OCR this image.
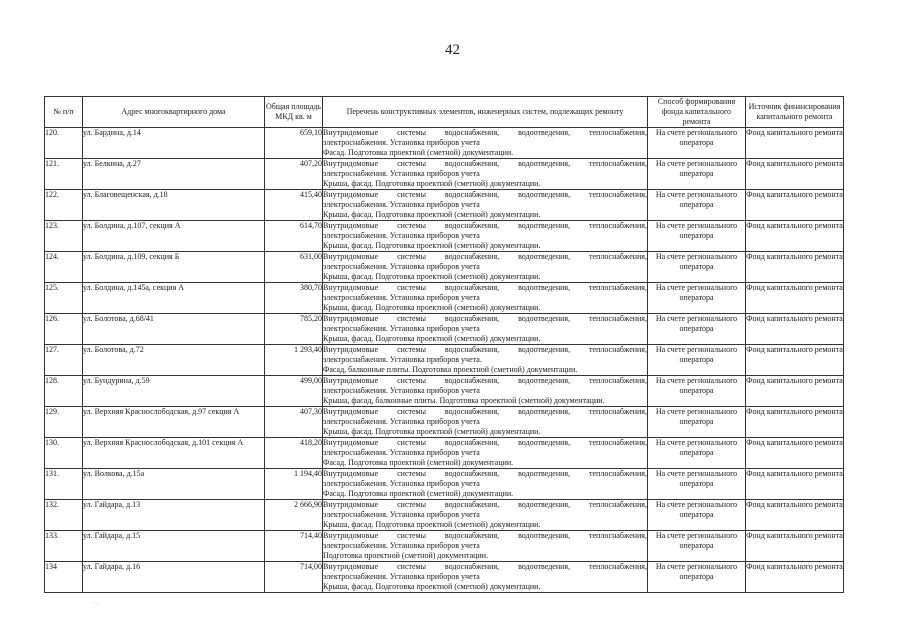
42
№ п/п	Адрес многоквартирного дома	Общая площадь МКД кв. м	Перечень конструктивных элементов, инженерных систем, подлежащих ремонту	Способ формирования фонда капитального ремонта	Источник финансирования капитального ремонта
120.	ул. Бардина, д.14	659,10	Внутридомовые системы водоснабжения, водоотведения, теплоснабжения,
электроснабжения. Установка приборов учета
Фасад. Подготовка проектной (сметной) документации.	На счете регионального оператора	Фонд капитального ремонта
121.	ул. Белкина, д.27	407,20	Внутридомовые системы водоснабжения, водоотведения, теплоснабжения,
электроснабжения. Установка приборов учета
Крыша, фасад. Подготовка проектной (сметной) документации.	На счете регионального оператора	Фонд капитального ремонта
122.	ул. Благовещенская, д.18	415,40	Внутридомовые системы водоснабжения, водоотведения, теплоснабжения,
электроснабжения. Установка приборов учета
Крыша, фасад. Подготовка проектной (сметной) документации.	На счете регионального оператора	Фонд капитального ремонта
123.	ул. Болдина, д.107, секция А	614,70	Внутридомовые системы водоснабжения, водоотведения, теплоснабжения,
электроснабжения. Установка приборов учета
Крыша, фасад. Подготовка проектной (сметной) документации.	На счете регионального оператора	Фонд капитального ремонта
124.	ул. Болдина, д.109, секция Б	631,00	Внутридомовые системы водоснабжения, водоотведения, теплоснабжения,
электроснабжения. Установка приборов учета
Крыша, фасад. Подготовка проектной (сметной) документации.	На счете регионального оператора	Фонд капитального ремонта
125.	ул. Болдина, д.145а, секция А	380,70	Внутридомовые системы водоснабжения, водоотведения, теплоснабжения,
электроснабжения. Установка приборов учета
Крыша, фасад. Подготовка проектной (сметной) документации.	На счете регионального оператора	Фонд капитального ремонта
126.	ул. Болотова, д.68/41	785,20	Внутридомовые системы водоснабжения, водоотведения, теплоснабжения,
электроснабжения. Установка приборов учета
Крыша, фасад. Подготовка проектной (сметной) документации.	На счете регионального оператора	Фонд капитального ремонта
127.	ул. Болотова, д.72	1 293,40	Внутридомовые системы водоснабжения, водоотведения, теплоснабжения,
электроснабжения. Установка приборов учета.
Фасад, балконные плиты. Подготовка проектной (сметной) документации.	На счете регионального оператора	Фонд капитального ремонта
128.	ул. Бундурина, д.59	499,00	Внутридомовые системы водоснабжения, водоотведения, теплоснабжения,
электроснабжения. Установка приборов учета
Крыша, фасад, балконные плиты. Подготовка проектной (сметной) документации.	На счете регионального оператора	Фонд капитального ремонта
129.	ул. Верхняя Краснослободская, д.97 секция А	407,30	Внутридомовые системы водоснабжения, водоотведения, теплоснабжения,
электроснабжения. Установка приборов учета
Крыша, фасад. Подготовка проектной (сметной) документации.	На счете регионального оператора	Фонд капитального ремонта
130.	ул. Верхняя Краснослободская, д.101 секция А	418,20	Внутридомовые системы водоснабжения, водоотведения, теплоснабжения,
электроснабжения. Установка приборов учета
Фасад. Подготовка проектной (сметной) документации.	На счете регионального оператора	Фонд капитального ремонта
131.	ул. Волкова, д.15а	1 194,40	Внутридомовые системы водоснабжения, водоотведения, теплоснабжения,
электроснабжения. Установка приборов учета
Фасад. Подготовка проектной (сметной) документации.	На счете регионального оператора	Фонд капитального ремонта
132.	ул. Гайдара, д.13	2 666,90	Внутридомовые системы водоснабжения, водоотведения, теплоснабжения,
электроснабжения. Установка приборов учета
Крыша, фасад. Подготовка проектной (сметной) документации.	На счете регионального оператора	Фонд капитального ремонта
133.	ул. Гайдара, д.15	714,40	Внутридомовые системы водоснабжения, водоотведения, теплоснабжения,
электроснабжения. Установка приборов учета
Подготовка проектной (сметной) документации.	На счете регионального оператора	Фонд капитального ремонта
134	ул. Гайдара, д.16	714,00	Внутридомовые системы водоснабжения, водоотведения, теплоснабжения,
электроснабжения. Установка приборов учета
Крыша, фасад. Подготовка проектной (сметной) документации.	На счете регионального оператора	Фонд капитального ремонта
˙ ˙
